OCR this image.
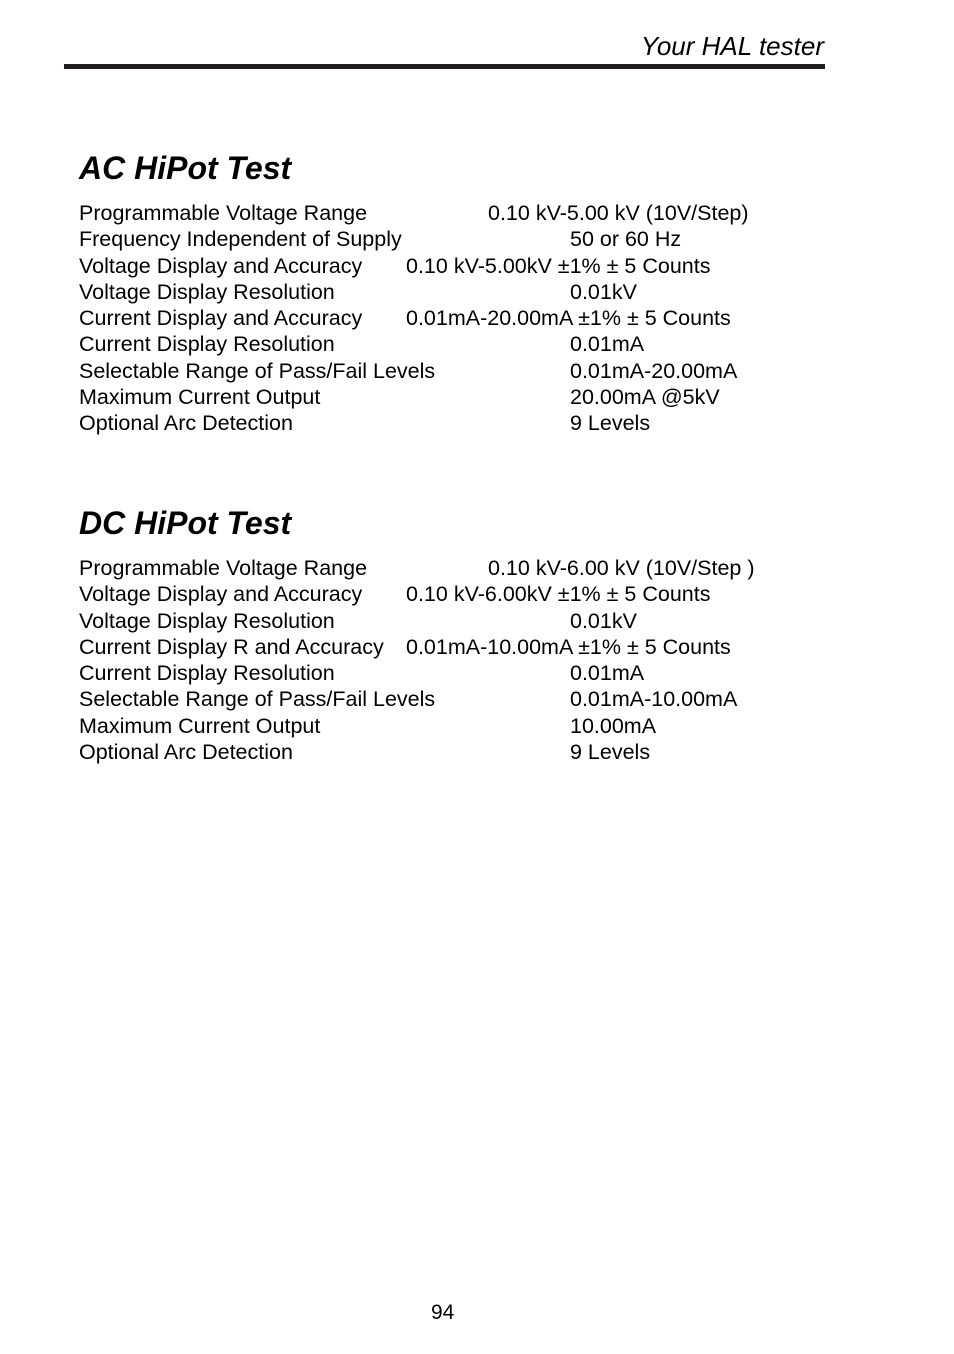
Your HAL tester
AC HiPot Test
Programmable Voltage Range	0.10 kV-5.00 kV (10V/Step)
Frequency Independent of Supply	50 or 60 Hz
Voltage Display and Accuracy 0.10 kV-5.00kV ±1% ± 5 Counts
Voltage Display Resolution	0.01kV
Current Display and Accuracy 0.01mA-20.00mA ±1% ± 5 Counts
Current Display Resolution	0.01mA
Selectable Range of Pass/Fail Levels	0.01mA-20.00mA
Maximum Current Output	20.00mA @5kV
Optional Arc Detection	9 Levels
DC HiPot Test
Programmable Voltage Range	0.10 kV-6.00 kV (10V/Step )
Voltage Display and Accuracy 0.10 kV-6.00kV ±1% ± 5 Counts
Voltage Display Resolution	0.01kV
Current Display R and Accuracy 0.01mA-10.00mA ±1% ± 5 Counts
Current Display Resolution	0.01mA
Selectable Range of Pass/Fail Levels	0.01mA-10.00mA
Maximum Current Output	10.00mA
Optional Arc Detection	9 Levels
94
